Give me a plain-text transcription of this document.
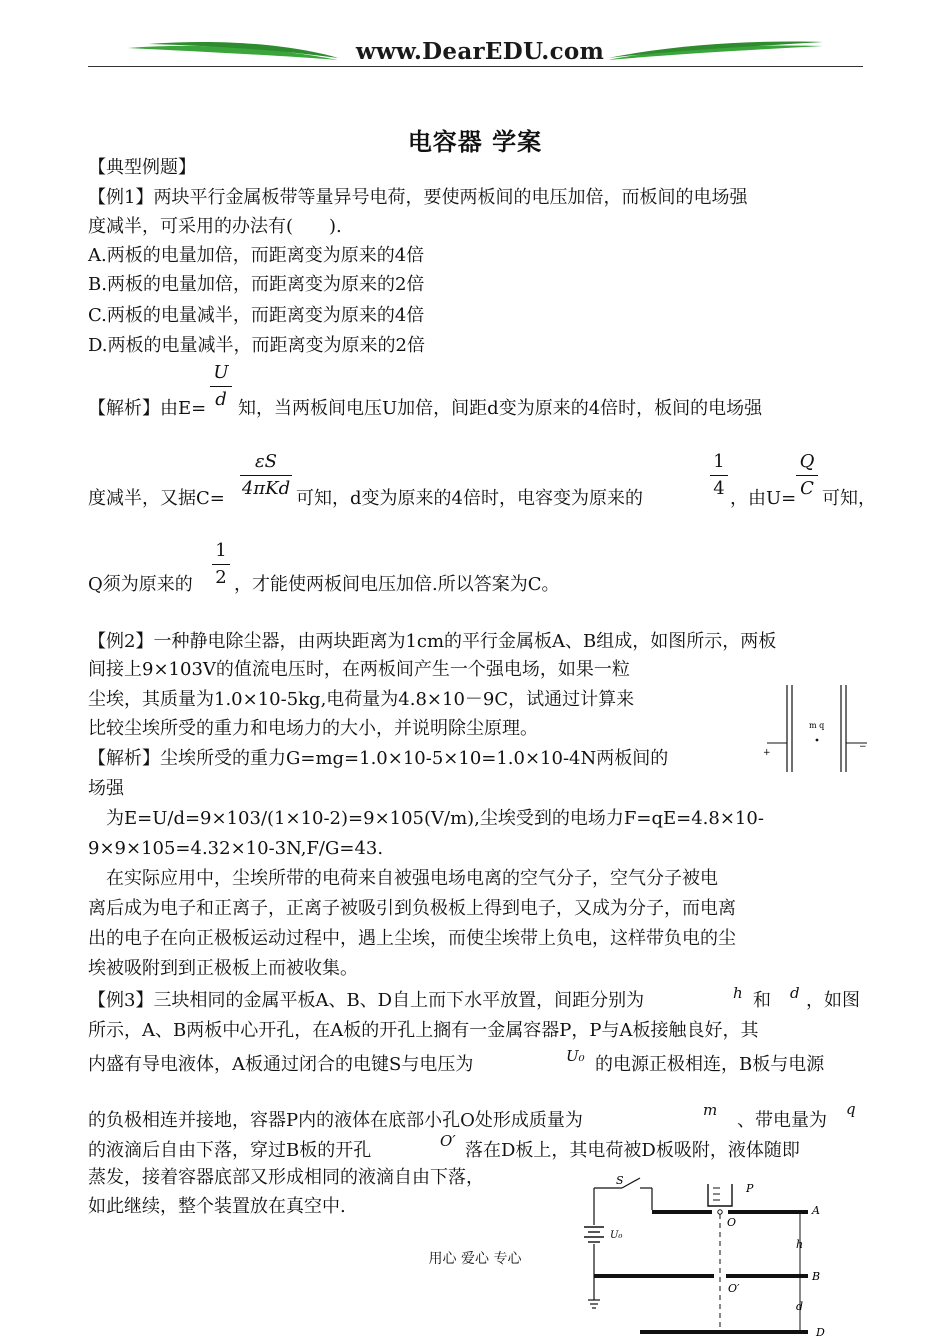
www.DearEDU.com
电容器 学案
【典型例题】
【例1】两块平行金属板带等量异号电荷，要使两板间的电压加倍，而板间的电场强
度减半，可采用的办法有(　　).
A.两板的电量加倍，而距离变为原来的4倍
B.两板的电量加倍，而距离变为原来的2倍
C.两板的电量减半，而距离变为原来的4倍
D.两板的电量减半，而距离变为原来的2倍
【解析】由E=
U
d 知，当两板间电压U加倍，间距d变为原来的4倍时，板间的电场强
度减半，又据C=
εS
4πKd 可知，d变为原来的4倍时，电容变为原来的
1
4 ，由U=
Q
C 可知，
Q须为原来的
1
2 ，才能使两板间电压加倍.所以答案为C。
【例2】一种静电除尘器，由两块距离为1cm的平行金属板A、B组成，如图所示，两板
间接上9×103V的值流电压时，在两板间产生一个强电场，如果一粒
尘埃，其质量为1.0×10-5kg,电荷量为4.8×10－9C，试通过计算来
比较尘埃所受的重力和电场力的大小，并说明除尘原理。
【解析】尘埃所受的重力G=mg=1.0×10-5×10=1.0×10-4N两板间的
场强
　为E=U/d=9×103/(1×10-2)=9×105(V/m),尘埃受到的电场力F=qE=4.8×10-
9×9×105=4.32×10-3N,F/G=43.
　在实际应用中，尘埃所带的电荷来自被强电场电离的空气分子，空气分子被电
离后成为电子和正离子，正离子被吸引到负极板上得到电子，又成为分子，而电离
出的电子在向正极板运动过程中，遇上尘埃，而使尘埃带上负电，这样带负电的尘
埃被吸附到到正极板上而被收集。
m q
+
−
【例3】三块相同的金属平板A、B、D自上而下水平放置，间距分别为	h 和 d ，如图
所示，A、B两板中心开孔，在A板的开孔上搁有一金属容器P，P与A板接触良好，其
内盛有导电液体，A板通过闭合的电键S与电压为	U₀ 的电源正极相连，B板与电源
的负极相连并接地，容器P内的液体在底部小孔O处形成质量为	m 、带电量为
q
的液滴后自由下落，穿过B板的开孔	O′ 落在D板上，其电荷被D板吸附，液体随即
蒸发，接着容器底部又形成相同的液滴自由下落，
如此继续，整个装置放在真空中.
S
U₀
P
O
A
O′
B
h
d
D
用心 爱心 专心
